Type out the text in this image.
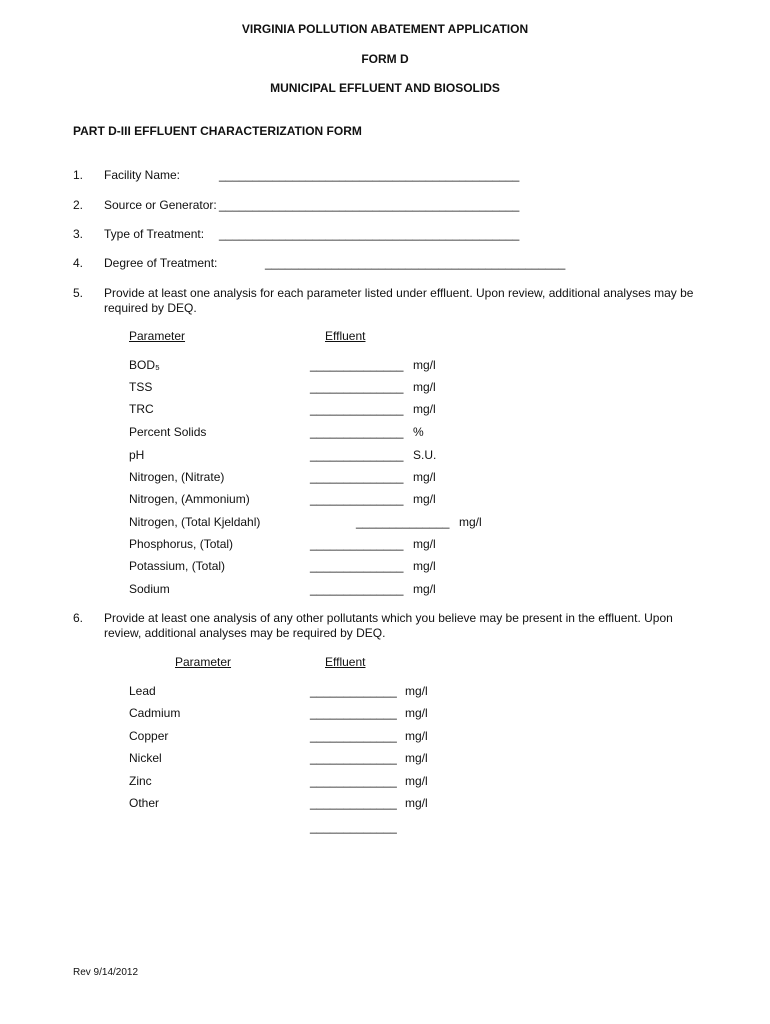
VIRGINIA POLLUTION ABATEMENT APPLICATION
FORM D
MUNICIPAL EFFLUENT AND BIOSOLIDS
PART D-III EFFLUENT CHARACTERIZATION FORM
1. Facility Name:	_____________________________________________
2. Source or Generator: _____________________________________________
3. Type of Treatment: _____________________________________________
4. Degree of Treatment:	_____________________________________________
5. Provide at least one analysis for each parameter listed under effluent. Upon review, additional analyses may be required by DEQ.
Parameter	Effluent
BOD₅	______________ mg/l
TSS	______________ mg/l
TRC	______________ mg/l
Percent Solids	______________ %
pH	______________ S.U.
Nitrogen, (Nitrate)	______________ mg/l
Nitrogen, (Ammonium)	______________ mg/l
Nitrogen, (Total Kjeldahl)	______________ mg/l
Phosphorus, (Total)	______________ mg/l
Potassium, (Total)	______________ mg/l
Sodium	______________ mg/l
6. Provide at least one analysis of any other pollutants which you believe may be present in the effluent. Upon review, additional analyses may be required by DEQ.
Parameter	Effluent
Lead	_____________ mg/l
Cadmium	_____________ mg/l
Copper	_____________ mg/l
Nickel	_____________ mg/l
Zinc	_____________ mg/l
Other	_____________ mg/l
_____________
Rev 9/14/2012
